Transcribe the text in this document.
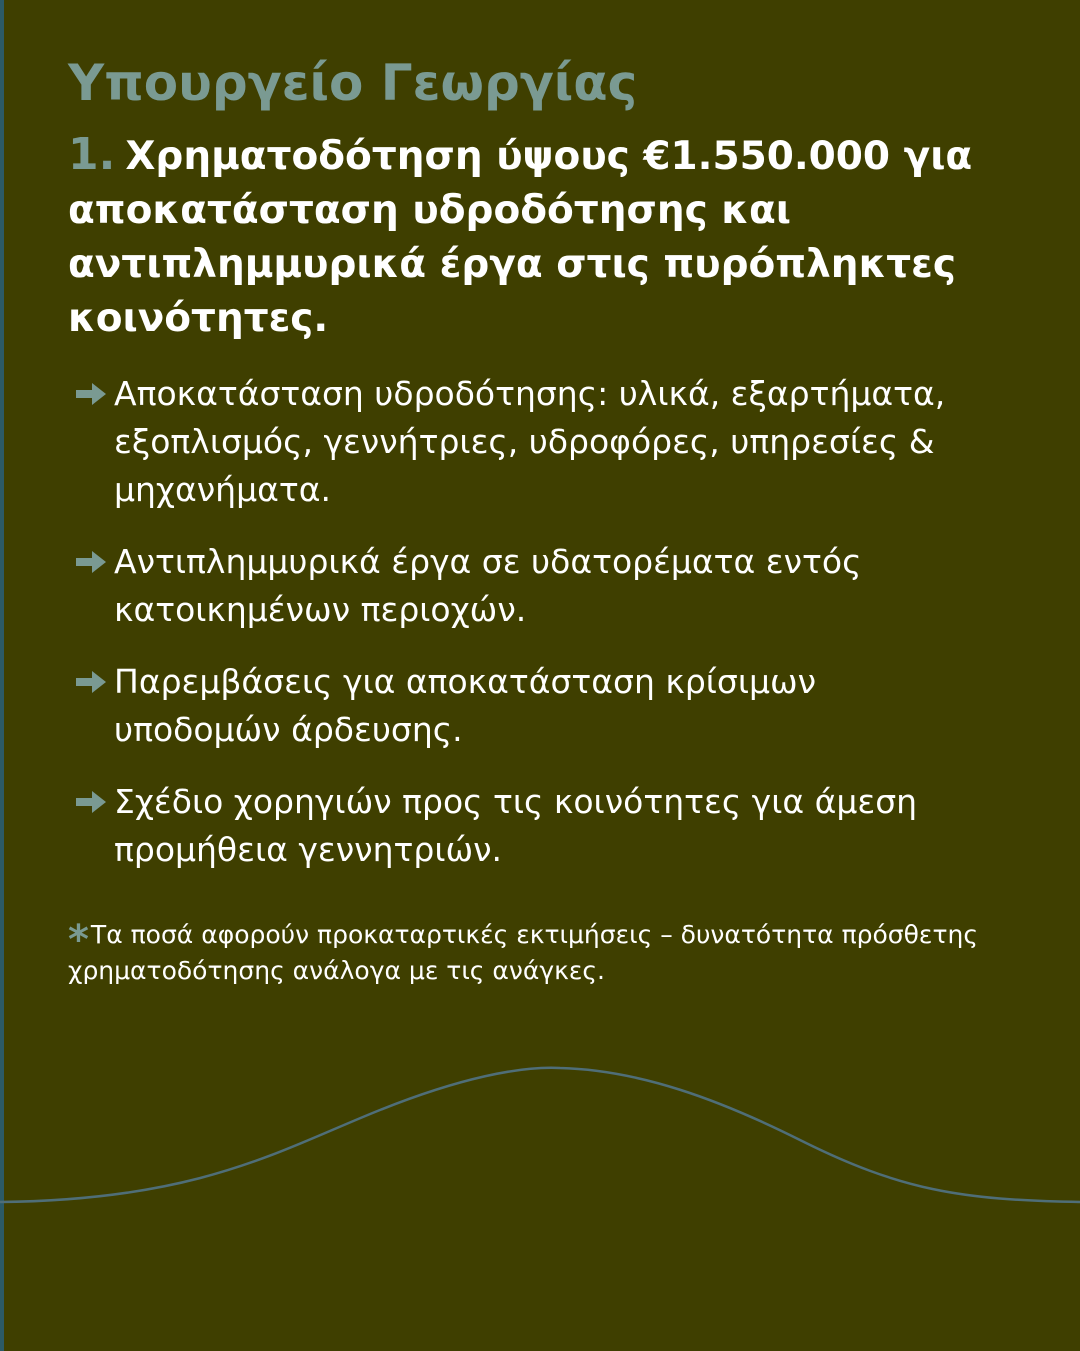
Υπουργείο Γεωργίας
1. Χρηματοδότηση ύψους €1.550.000 για αποκατάσταση υδροδότησης και αντιπλημμυρικά έργα στις πυρόπληκτες κοινότητες.
Αποκατάσταση υδροδότησης: υλικά, εξαρτήματα, εξοπλισμός, γεννήτριες, υδροφόρες, υπηρεσίες & μηχανήματα.
Αντιπλημμυρικά έργα σε υδατορέματα εντός κατοικημένων περιοχών.
Παρεμβάσεις για αποκατάσταση κρίσιμων υποδομών άρδευσης.
Σχέδιο χορηγιών προς τις κοινότητες για άμεση προμήθεια γεννητριών.

*Τα ποσά αφορούν προκαταρτικές εκτιμήσεις – δυνατότητα πρόσθετης χρηματοδότησης ανάλογα με τις ανάγκες.
